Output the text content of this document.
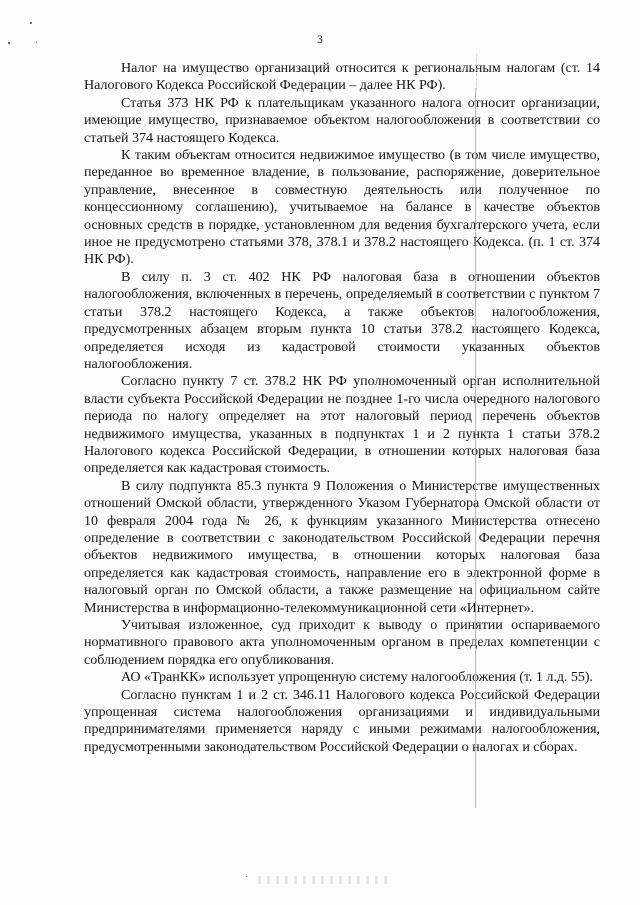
3

Налог на имущество организаций относится к региональным налогам (ст. 14 Налогового Кодекса Российской Федерации – далее НК РФ).

Статья 373 НК РФ к плательщикам указанного налога относит организации, имеющие имущество, признаваемое объектом налогообложения в соответствии со статьей 374 настоящего Кодекса.

К таким объектам относится недвижимое имущество (в том числе имущество, переданное во временное владение, в пользование, распоряжение, доверительное управление, внесенное в совместную деятельность или полученное по концессионному соглашению), учитываемое на балансе в качестве объектов основных средств в порядке, установленном для ведения бухгалтерского учета, если иное не предусмотрено статьями 378, 378.1 и 378.2 настоящего Кодекса. (п. 1 ст. 374 НК РФ).

В силу п. 3 ст. 402 НК РФ налоговая база в отношении объектов налогообложения, включенных в перечень, определяемый в соответствии с пунктом 7 статьи 378.2 настоящего Кодекса, а также объектов налогообложения, предусмотренных абзацем вторым пункта 10 статьи 378.2 настоящего Кодекса, определяется исходя из кадастровой стоимости указанных объектов налогообложения.

Согласно пункту 7 ст. 378.2 НК РФ уполномоченный орган исполнительной власти субъекта Российской Федерации не позднее 1-го числа очередного налогового периода по налогу определяет на этот налоговый период перечень объектов недвижимого имущества, указанных в подпунктах 1 и 2 пункта 1 статьи 378.2 Налогового кодекса Российской Федерации, в отношении которых налоговая база определяется как кадастровая стоимость.

В силу подпункта 85.3 пункта 9 Положения о Министерстве имущественных отношений Омской области, утвержденного Указом Губернатора Омской области от 10 февраля 2004 года № 26, к функциям указанного Министерства отнесено определение в соответствии с законодательством Российской Федерации перечня объектов недвижимого имущества, в отношении которых налоговая база определяется как кадастровая стоимость, направление его в электронной форме в налоговый орган по Омской области, а также размещение на официальном сайте Министерства в информационно-телекоммуникационной сети «Интернет».

Учитывая изложенное, суд приходит к выводу о принятии оспариваемого нормативного правового акта уполномоченным органом в пределах компетенции с соблюдением порядка его опубликования.

АО «ТранКК» использует упрощенную систему налогообложения (т. 1 л.д. 55).

Согласно пунктам 1 и 2 ст. 346.11 Налогового кодекса Российской Федерации упрощенная система налогообложения организациями и индивидуальными предпринимателями применяется наряду с иными режимами налогообложения, предусмотренными законодательством Российской Федерации о налогах и сборах.
